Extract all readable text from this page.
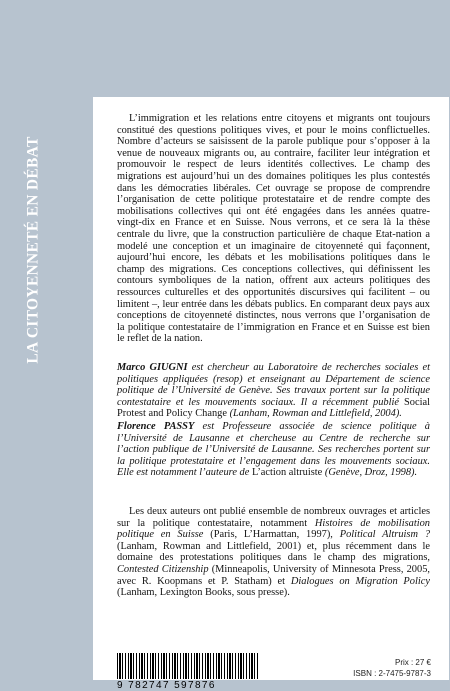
LA CITOYENNETÉ EN DÉBAT

L’immigration et les relations entre citoyens et migrants ont toujours constitué des questions politiques vives, et pour le moins conflictuelles. Nombre d’acteurs se saisissent de la parole publique pour s’opposer à la venue de nouveaux migrants ou, au contraire, faciliter leur intégration et promouvoir le respect de leurs identités collectives. Le champ des migrations est aujourd’hui un des domaines politiques les plus contestés dans les démocraties libérales. Cet ouvrage se propose de comprendre l’organisation de cette politique protestataire et de rendre compte des mobilisations collectives qui ont été engagées dans les années quatre-vingt-dix en France et en Suisse. Nous verrons, et ce sera là la thèse centrale du livre, que la construction particulière de chaque Etat-nation a modelé une conception et un imaginaire de citoyenneté qui façonnent, aujourd’hui encore, les débats et les mobilisations politiques dans le champ des migrations. Ces conceptions collectives, qui définissent les contours symboliques de la nation, offrent aux acteurs politiques des ressources culturelles et des opportunités discursives qui facilitent – ou limitent –, leur entrée dans les débats publics. En comparant deux pays aux conceptions de citoyenneté distinctes, nous verrons que l’organisation de la politique contestataire de l’immigration en France et en Suisse est bien le reflet de la nation.

Marco GIUGNI est chercheur au Laboratoire de recherches sociales et politiques appliquées (resop) et enseignant au Département de science politique de l’Université de Genève. Ses travaux portent sur la politique contestataire et les mouvements sociaux. Il a récemment publié Social Protest and Policy Change (Lanham, Rowman and Littlefield, 2004).

Florence PASSY est Professeure associée de science politique à l’Université de Lausanne et chercheuse au Centre de recherche sur l’action publique de l’Université de Lausanne. Ses recherches portent sur la politique protestataire et l’engagement dans les mouvements sociaux. Elle est notamment l’auteure de L’action altruiste (Genève, Droz, 1998).

Les deux auteurs ont publié ensemble de nombreux ouvrages et articles sur la politique contestataire, notamment Histoires de mobilisation politique en Suisse (Paris, L’Harmattan, 1997), Political Altruism ? (Lanham, Rowman and Littlefield, 2001) et, plus récemment dans le domaine des protestations politiques dans le champ des migrations, Contested Citizenship (Minneapolis, University of Minnesota Press, 2005, avec R. Koopmans et P. Statham) et Dialogues on Migration Policy (Lanham, Lexington Books, sous presse).

9 782747 597876
Prix : 27 €
ISBN : 2-7475-9787-3
